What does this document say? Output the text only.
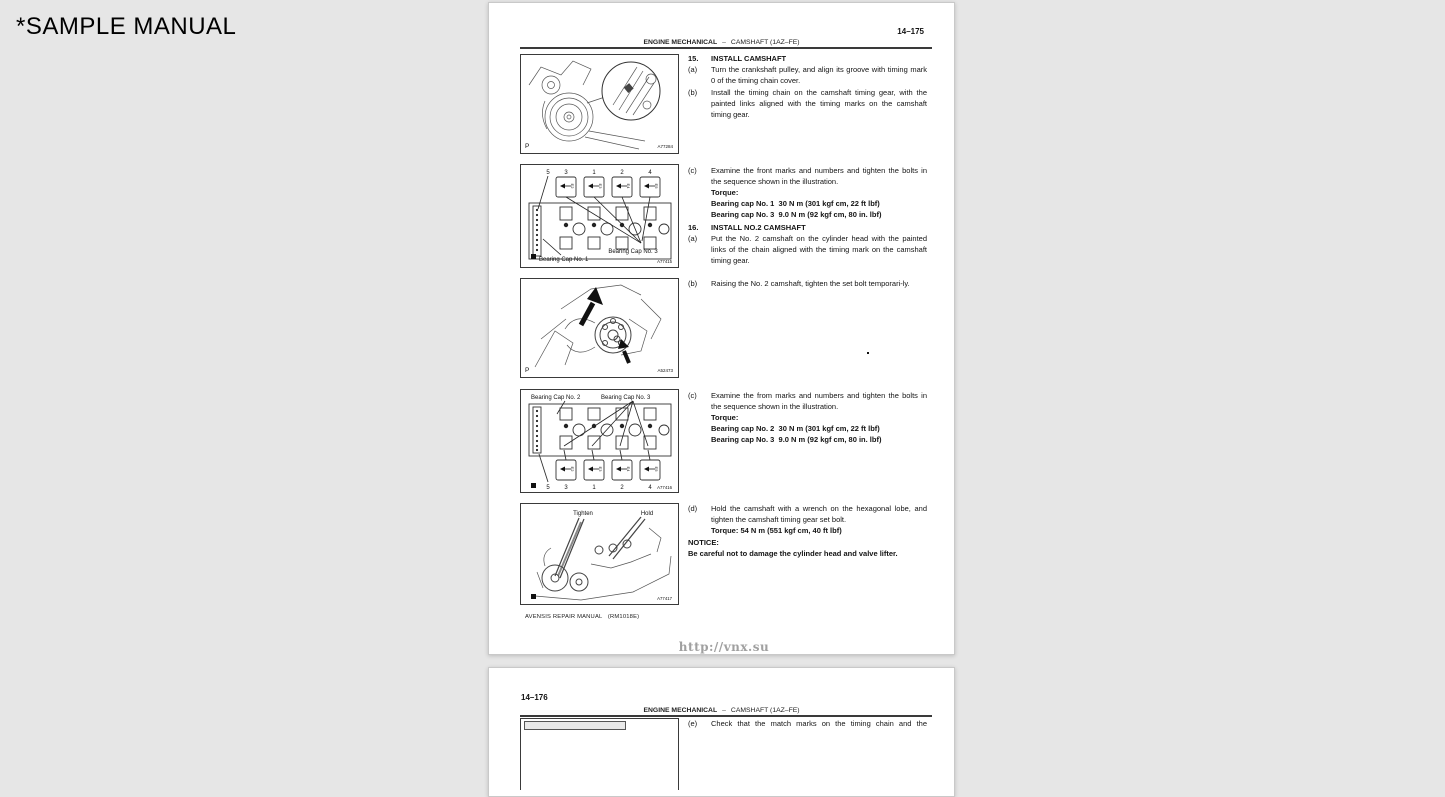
*SAMPLE MANUAL	14–175
ENGINE MECHANICAL – CAMSHAFT (1AZ–FE)
P	A77284
5 3	1	2	4
E2	E3	E4	E5
Bearing Cap No. 3
Bearing Cap No. 1	A77415
P	A52473
Bearing Cap No. 2	Bearing Cap No. 3
E2	E3	E4	E5
5 3	1	2	4 A77416
Tighten	Hold
A77417
15.	INSTALL CAMSHAFT
(a)	Turn the crankshaft pulley, and align its groove with timing mark 0 of the timing chain cover.
(b)	Install the timing chain on the camshaft timing gear, with the painted links aligned with the timing marks on the camshaft timing gear.
(c)	Examine the front marks and numbers and tighten the bolts in the sequence shown in the illustration.
Torque:
Bearing cap No. 1  30 N m (301 kgf cm, 22 ft lbf)
Bearing cap No. 3  9.0 N m (92 kgf cm, 80 in. lbf)
16.	INSTALL NO.2 CAMSHAFT
(a)	Put the No. 2 camshaft on the cylinder head with the painted links of the chain aligned with the timing mark on the camshaft timing gear.
(b)	Raising the No. 2 camshaft, tighten the set bolt temporari-ly.
(c)	Examine the from marks and numbers and tighten the bolts in the sequence shown in the illustration.
Torque:
Bearing cap No. 2  30 N m (301 kgf cm, 22 ft lbf)
Bearing cap No. 3  9.0 N m (92 kgf cm, 80 in. lbf)
(d)	Hold the camshaft with a wrench on the hexagonal lobe, and tighten the camshaft timing gear set bolt.
Torque: 54 N m (551 kgf cm, 40 ft lbf)
NOTICE:
Be careful not to damage the cylinder head and valve lifter.
AVENSIS REPAIR MANUAL   (RM1018E)
http://vnx.su
14–176
ENGINE MECHANICAL – CAMSHAFT (1AZ–FE)
(e)	Check that the match marks on the timing chain and the
